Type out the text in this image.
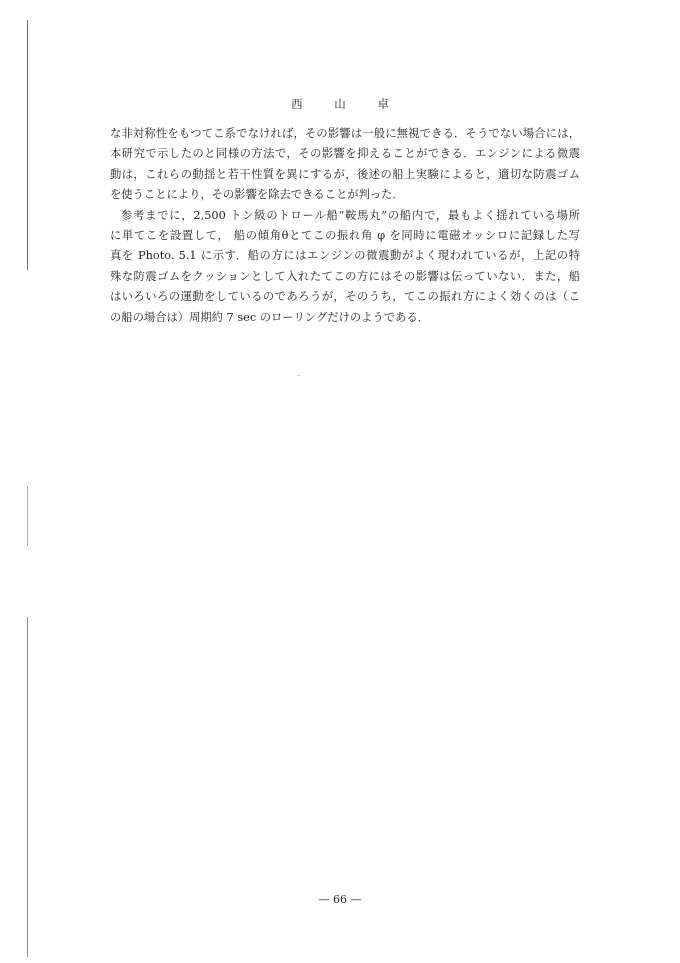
西 山 卓
な非対称性をもつてこ系でなければ，その影響は一般に無視できる．そうでない場合には，
本研究で示したのと同様の方法で，その影響を抑えることができる．エンジンによる微震
動は，これらの動揺と若干性質を異にするが，後述の船上実験によると，適切な防震ゴム
を使うことにより，その影響を除去できることが判った．
参考までに，2,500 トン級のトロール船“鞍馬丸”の船内で，最もよく揺れている場所
に単てこを設置して， 船の傾角θとてこの振れ角 φ を同時に電磁オッシロに記録した写
真を Photo. 5.1 に示す．船の方にはエンジンの微震動がよく現われているが，上記の特
殊な防震ゴムをクッションとして入れたてこの方にはその影響は伝っていない．また，船
はいろいろの運動をしているのであろうが，そのうち，てこの振れ方によく効くのは（こ
の船の場合は）周期約 7 sec のローリングだけのようである．
— 66 —
